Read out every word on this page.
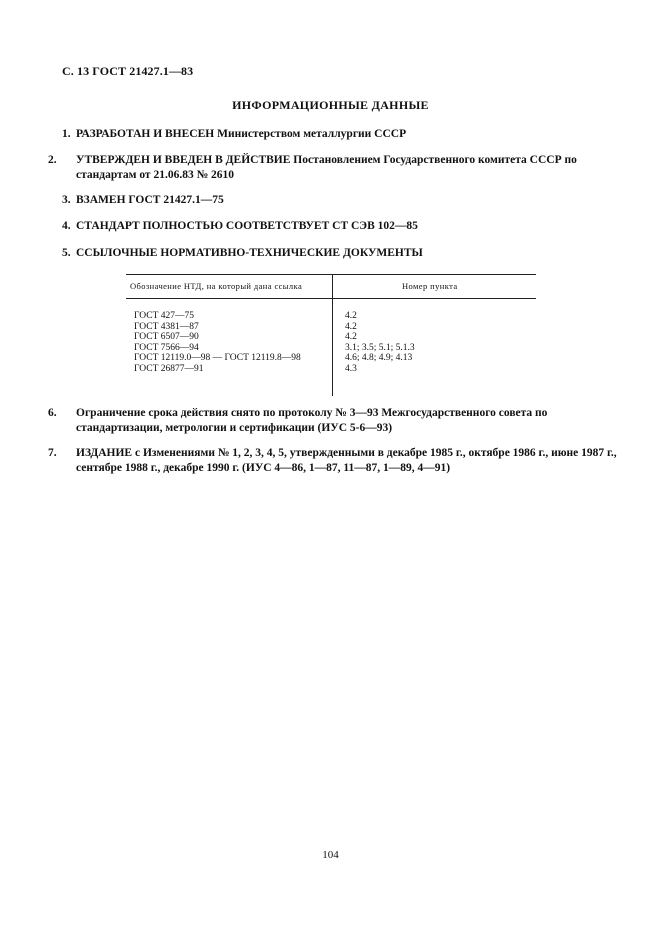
С. 13 ГОСТ 21427.1—83
ИНФОРМАЦИОННЫЕ ДАННЫЕ
1. РАЗРАБОТАН И ВНЕСЕН Министерством металлургии СССР
2. УТВЕРЖДЕН И ВВЕДЕН В ДЕЙСТВИЕ Постановлением Государственного комитета СССР по стандартам от 21.06.83 № 2610
3. ВЗАМЕН ГОСТ 21427.1—75
4. СТАНДАРТ ПОЛНОСТЬЮ СООТВЕТСТВУЕТ СТ СЭВ 102—85
5. ССЫЛОЧНЫЕ НОРМАТИВНО-ТЕХНИЧЕСКИЕ ДОКУМЕНТЫ
Обозначение НТД, на который дана ссылка	Номер пункта
ГОСТ 427—75	4.2
ГОСТ 4381—87	4.2
ГОСТ 6507—90	4.2
ГОСТ 7566—94	3.1; 3.5; 5.1; 5.1.3
ГОСТ 12119.0—98 — ГОСТ 12119.8—98	4.6; 4.8; 4.9; 4.13
ГОСТ 26877—91	4.3
6. Ограничение срока действия снято по протоколу № 3—93 Межгосударственного совета по стандартизации, метрологии и сертификации (ИУС 5-6—93)
7. ИЗДАНИЕ с Изменениями № 1, 2, 3, 4, 5, утвержденными в декабре 1985 г., октябре 1986 г., июне 1987 г., сентябре 1988 г., декабре 1990 г. (ИУС 4—86, 1—87, 11—87, 1—89, 4—91)
104
